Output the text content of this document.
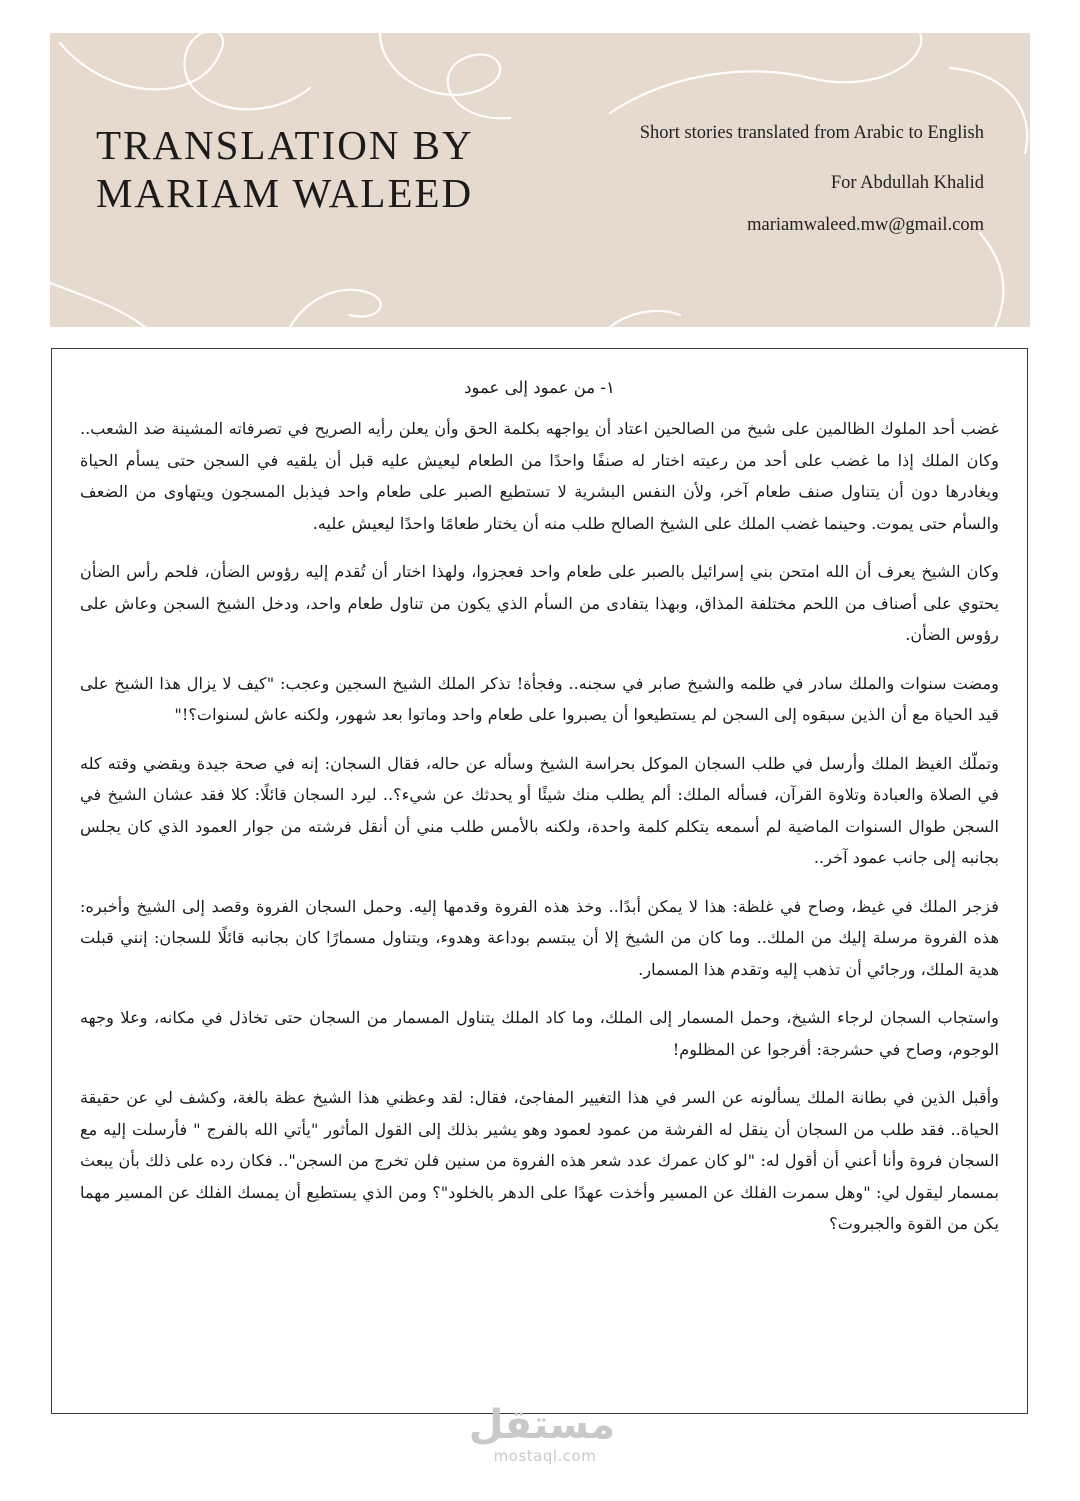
TRANSLATION BY
MARIAM WALEED
Short stories translated from Arabic to English
For Abdullah Khalid
mariamwaleed.mw@gmail.com
١- من عمود إلى عمود

غضب أحد الملوك الظالمين على شيخ من الصالحين اعتاد أن يواجهه بكلمة الحق وأن يعلن رأيه الصريح في تصرفاته المشينة ضد الشعب.. وكان الملك إذا ما غضب على أحد من رعيته اختار له صنفًا واحدًا من الطعام ليعيش عليه قبل أن يلقيه في السجن حتى يسأم الحياة ويغادرها دون أن يتناول صنف طعام آخر، ولأن النفس البشرية لا تستطيع الصبر على طعام واحد فيذبل المسجون ويتهاوى من الضعف والسأم حتى يموت. وحينما غضب الملك على الشيخ الصالح طلب منه أن يختار طعامًا واحدًا ليعيش عليه.

وكان الشيخ يعرف أن الله امتحن بني إسرائيل بالصبر على طعام واحد فعجزوا، ولهذا اختار أن تُقدم إليه رؤوس الضأن، فلحم رأس الضأن يحتوي على أصناف من اللحم مختلفة المذاق، وبهذا يتفادى من السأم الذي يكون من تناول طعام واحد، ودخل الشيخ السجن وعاش على رؤوس الضأن.

ومضت سنوات والملك سادر في ظلمه والشيخ صابر في سجنه.. وفجأة! تذكر الملك الشيخ السجين وعجب: "كيف لا يزال هذا الشيخ على قيد الحياة مع أن الذين سبقوه إلى السجن لم يستطيعوا أن يصبروا على طعام واحد وماتوا بعد شهور، ولكنه عاش لسنوات؟!"

وتملّك الغيظ الملك وأرسل في طلب السجان الموكل بحراسة الشيخ وسأله عن حاله، فقال السجان: إنه في صحة جيدة ويقضي وقته كله في الصلاة والعبادة وتلاوة القرآن، فسأله الملك: ألم يطلب منك شيئًا أو يحدثك عن شيء؟.. ليرد السجان قائلًا: كلا فقد عشان الشيخ في السجن طوال السنوات الماضية لم أسمعه يتكلم كلمة واحدة، ولكنه بالأمس طلب مني أن أنقل فرشته من جوار العمود الذي كان يجلس بجانبه إلى جانب عمود آخر..

فزجر الملك في غيظ، وصاح في غلظة: هذا لا يمكن أبدًا.. وخذ هذه الفروة وقدمها إليه. وحمل السجان الفروة وقصد إلى الشيخ وأخبره: هذه الفروة مرسلة إليك من الملك.. وما كان من الشيخ إلا أن يبتسم بوداعة وهدوء، ويتناول مسمارًا كان بجانبه قائلًا للسجان: إنني قبلت هدية الملك، ورجائي أن تذهب إليه وتقدم هذا المسمار.

واستجاب السجان لرجاء الشيخ، وحمل المسمار إلى الملك، وما كاد الملك يتناول المسمار من السجان حتى تخاذل في مكانه، وعلا وجهه الوجوم، وصاح في حشرجة: أفرجوا عن المظلوم!

وأقبل الذين في بطانة الملك يسألونه عن السر في هذا التغيير المفاجئ، فقال: لقد وعظني هذا الشيخ عظة بالغة، وكشف لي عن حقيقة الحياة.. فقد طلب من السجان أن ينقل له الفرشة من عمود لعمود وهو يشير بذلك إلى القول المأثور "يأتي الله بالفرج " فأرسلت إليه مع السجان فروة وأنا أعني أن أقول له: "لو كان عمرك عدد شعر هذه الفروة من سنين فلن تخرج من السجن".. فكان رده على ذلك بأن يبعث بمسمار ليقول لي: "وهل سمرت الفلك عن المسير وأخذت عهدًا على الدهر بالخلود"؟ ومن الذي يستطيع أن يمسك الفلك عن المسير مهما يكن من القوة والجبروت؟

مستقل
mostaql.com
